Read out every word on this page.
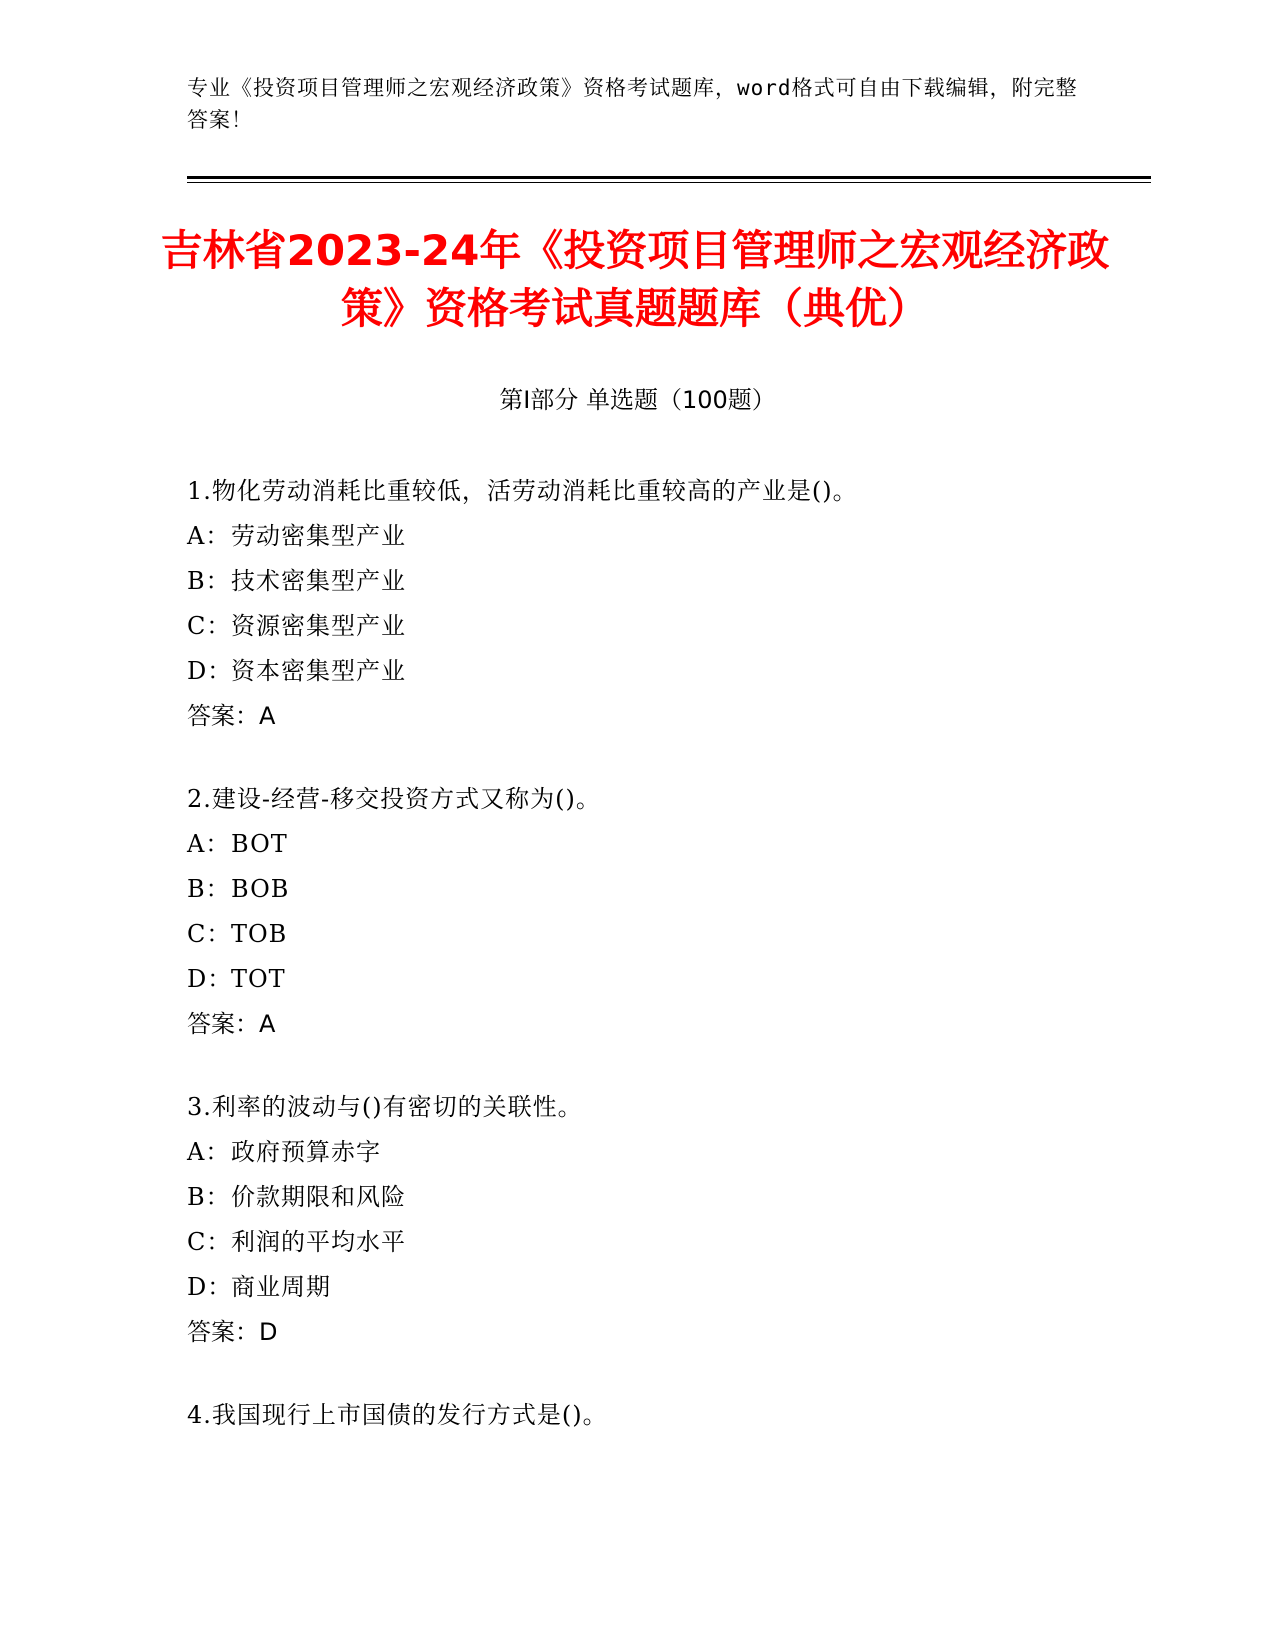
专业《投资项目管理师之宏观经济政策》资格考试题库，word格式可自由下载编辑，附完整答案！
吉林省2023-24年《投资项目管理师之宏观经济政策》资格考试真题题库（典优）
第Ⅰ部分 单选题（100题）
1.物化劳动消耗比重较低，活劳动消耗比重较高的产业是()。
A：劳动密集型产业
B：技术密集型产业
C：资源密集型产业
D：资本密集型产业
答案：A
2.建设-经营-移交投资方式又称为()。
A：BOT
B：BOB
C：TOB
D：TOT
答案：A
3.利率的波动与()有密切的关联性。
A：政府预算赤字
B：价款期限和风险
C：利润的平均水平
D：商业周期
答案：D
4.我国现行上市国债的发行方式是()。
